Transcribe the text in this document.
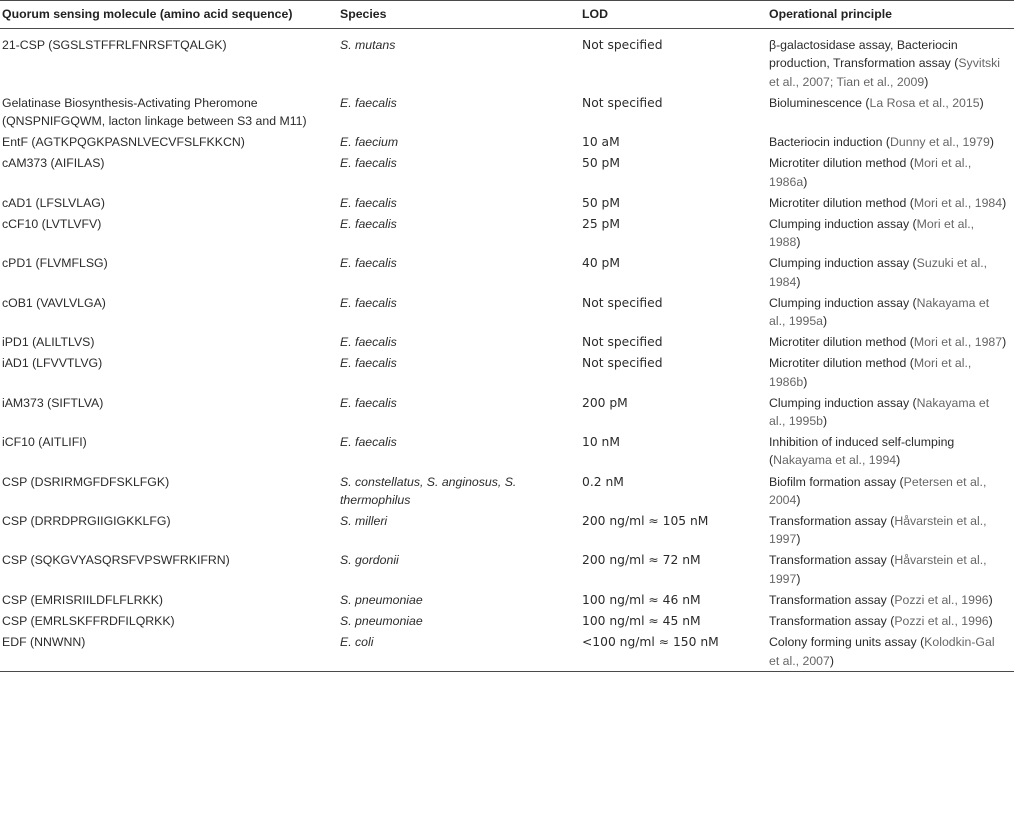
Quorum sensing molecule (amino acid sequence)	Species	LOD	Operational principle
21-CSP (SGSLSTFFRLFNRSFTQALGK)	S. mutans	Not specified	β-galactosidase assay, Bacteriocin production, Transformation assay (Syvitski et al., 2007; Tian et al., 2009)
Gelatinase Biosynthesis-Activating Pheromone (QNSPNIFGQWM, lacton linkage between S3 and M11)	E. faecalis	Not specified	Bioluminescence (La Rosa et al., 2015)
EntF (AGTKPQGKPASNLVECVFSLFKKCN)	E. faecium	10 aM	Bacteriocin induction (Dunny et al., 1979)
cAM373 (AIFILAS)	E. faecalis	50 pM	Microtiter dilution method (Mori et al., 1986a)
cAD1 (LFSLVLAG)	E. faecalis	50 pM	Microtiter dilution method (Mori et al., 1984)
cCF10 (LVTLVFV)	E. faecalis	25 pM	Clumping induction assay (Mori et al., 1988)
cPD1 (FLVMFLSG)	E. faecalis	40 pM	Clumping induction assay (Suzuki et al., 1984)
cOB1 (VAVLVLGA)	E. faecalis	Not specified	Clumping induction assay (Nakayama et al., 1995a)
iPD1 (ALILTLVS)	E. faecalis	Not specified	Microtiter dilution method (Mori et al., 1987)
iAD1 (LFVVTLVG)	E. faecalis	Not specified	Microtiter dilution method (Mori et al., 1986b)
iAM373 (SIFTLVA)	E. faecalis	200 pM	Clumping induction assay (Nakayama et al., 1995b)
iCF10 (AITLIFI)	E. faecalis	10 nM	Inhibition of induced self-clumping (Nakayama et al., 1994)
CSP (DSRIRMGFDFSKLFGK)	S. constellatus, S. anginosus, S. thermophilus	0.2 nM	Biofilm formation assay (Petersen et al., 2004)
CSP (DRRDPRGIIGIGKKLFG)	S. milleri	200 ng/ml ≈ 105 nM	Transformation assay (Håvarstein et al., 1997)
CSP (SQKGVYASQRSFVPSWFRKIFRN)	S. gordonii	200 ng/ml ≈ 72 nM	Transformation assay (Håvarstein et al., 1997)
CSP (EMRISRIILDFLFLRKK)	S. pneumoniae	100 ng/ml ≈ 46 nM	Transformation assay (Pozzi et al., 1996)
CSP (EMRLSKFFRDFILQRKK)	S. pneumoniae	100 ng/ml ≈ 45 nM	Transformation assay (Pozzi et al., 1996)
EDF (NNWNN)	E. coli	<100 ng/ml ≈ 150 nM	Colony forming units assay (Kolodkin-Gal et al., 2007)
